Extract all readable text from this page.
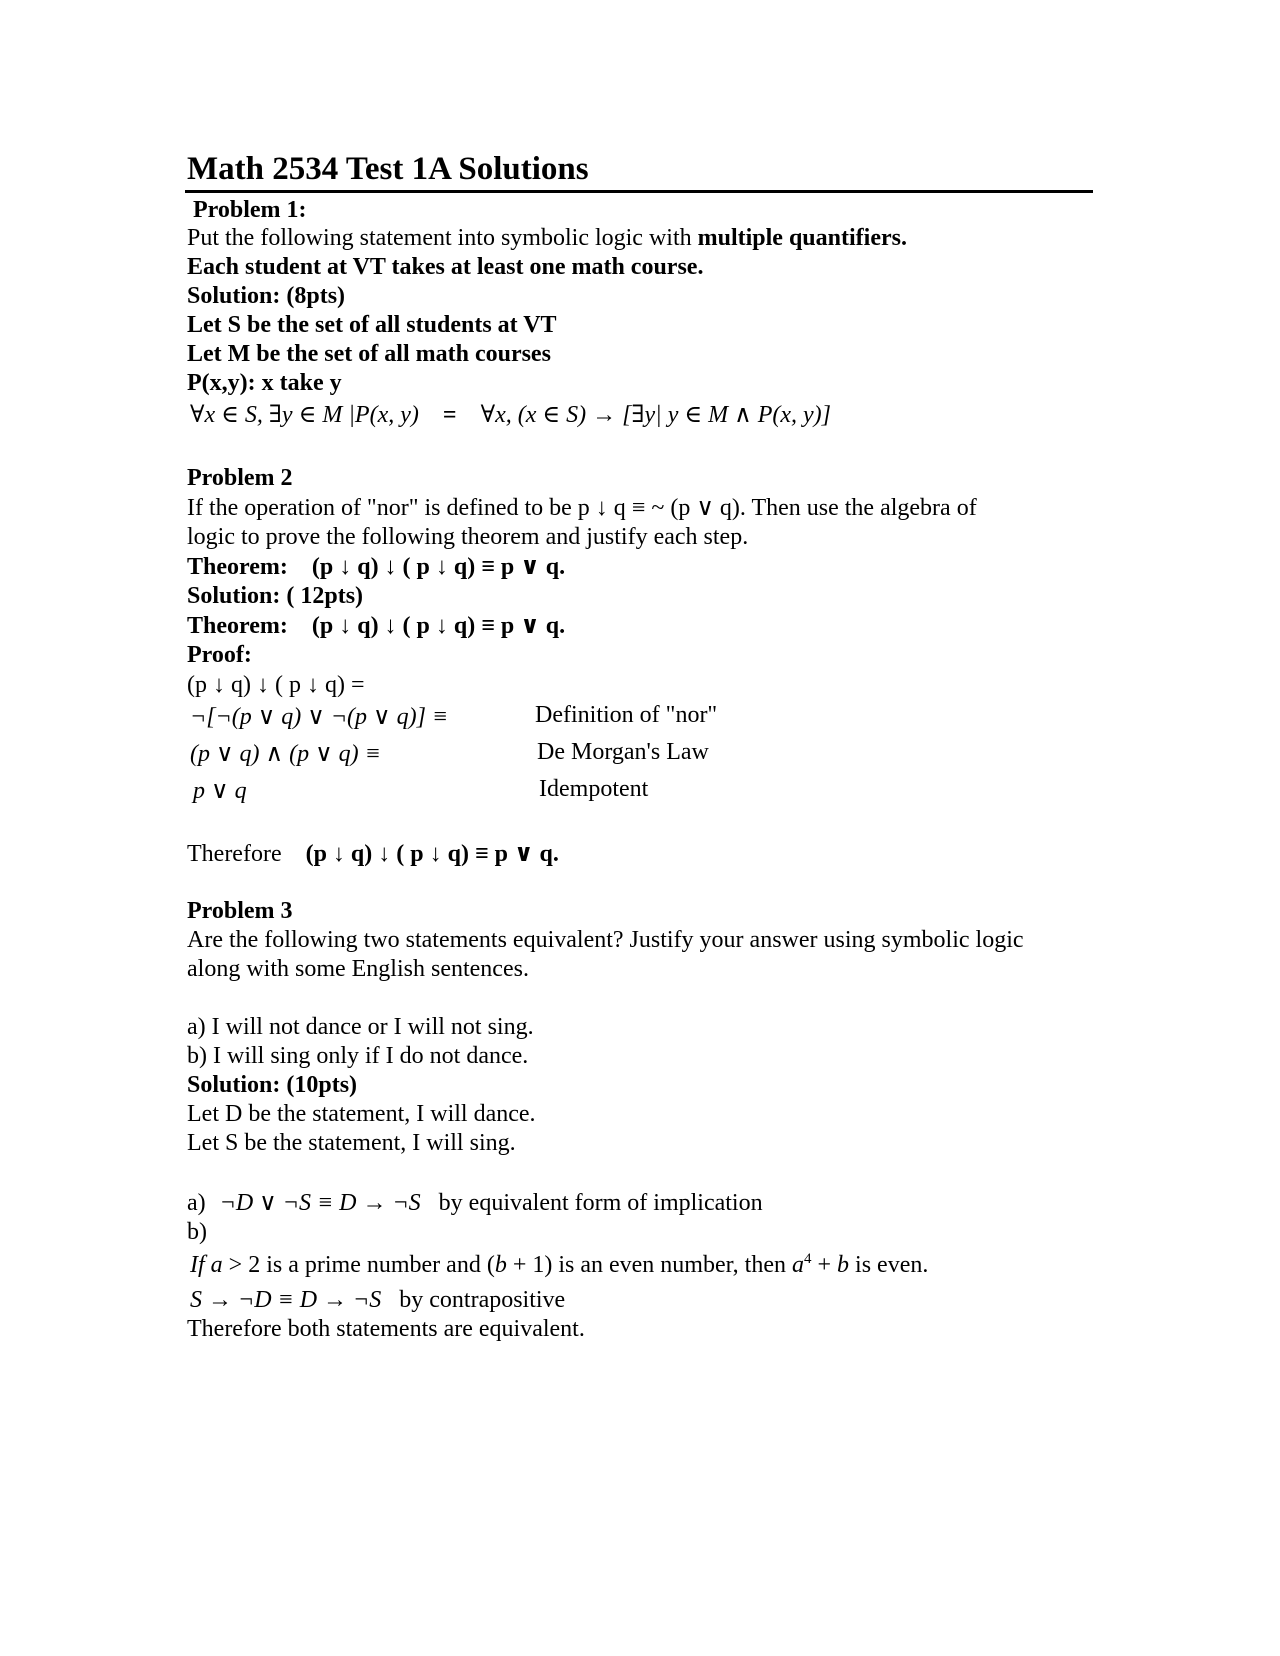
Math 2534 Test 1A Solutions
Problem 1:
Put the following statement into symbolic logic with multiple quantifiers.
Each student at VT takes at least one math course.
Solution: (8pts)
Let S be the set of all students at VT
Let M be the set of all math courses
P(x,y): x take y
∀x ∈ S, ∃y ∈ M |P(x, y) = ∀x, (x ∈ S) → [∃y| y ∈ M ∧ P(x, y)]
Problem 2
If the operation of "nor" is defined to be p ↓ q ≡ ~ (p ∨ q). Then use the algebra of
logic to prove the following theorem and justify each step.
Theorem: (p ↓ q) ↓ ( p ↓ q) ≡ p ∨ q.
Solution: ( 12pts)
Theorem: (p ↓ q) ↓ ( p ↓ q) ≡ p ∨ q.
Proof:
(p ↓ q) ↓ ( p ↓ q) =
¬[¬(p ∨ q) ∨ ¬(p ∨ q)] ≡	Definition of "nor"
(p ∨ q) ∧ (p ∨ q) ≡	De Morgan's Law
p ∨ q	Idempotent
Therefore (p ↓ q) ↓ ( p ↓ q) ≡ p ∨ q.
Problem 3
Are the following two statements equivalent? Justify your answer using symbolic logic
along with some English sentences.
a) I will not dance or I will not sing.
b) I will sing only if I do not dance.
Solution: (10pts)
Let D be the statement, I will dance.
Let S be the statement, I will sing.
a) ¬D ∨ ¬S ≡ D → ¬S by equivalent form of implication
b)
If a > 2 is a prime number and (b + 1) is an even number, then $a^4 + b$ is even.
S → ¬D ≡ D → ¬S by contrapositive
Therefore both statements are equivalent.
